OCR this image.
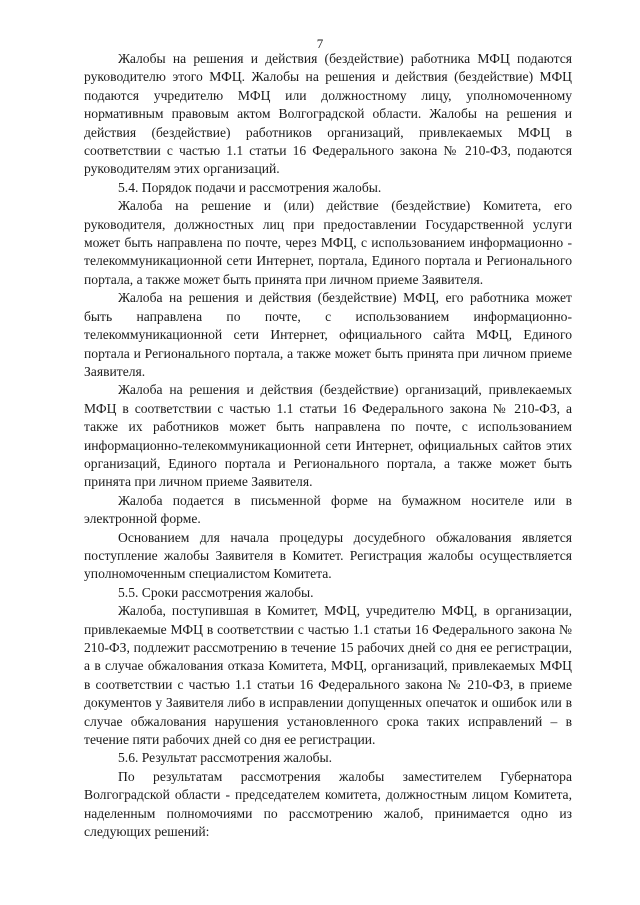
7

Жалобы на решения и действия (бездействие) работника МФЦ подаются руководителю этого МФЦ. Жалобы на решения и действия (бездействие) МФЦ подаются учредителю МФЦ или должностному лицу, уполномоченному нормативным правовым актом Волгоградской области. Жалобы на решения и действия (бездействие) работников организаций, привлекаемых МФЦ в соответствии с частью 1.1 статьи 16 Федерального закона № 210-ФЗ, подаются руководителям этих организаций.

5.4. Порядок подачи и рассмотрения жалобы.

Жалоба на решение и (или) действие (бездействие) Комитета, его руководителя, должностных лиц при предоставлении Государственной услуги может быть направлена по почте, через МФЦ, с использованием информационно - телекоммуникационной сети Интернет, портала, Единого портала и Регионального портала, а также может быть принята при личном приеме Заявителя.

Жалоба на решения и действия (бездействие) МФЦ, его работника может быть направлена по почте, с использованием информационно-телекоммуникационной сети Интернет, официального сайта МФЦ, Единого портала и Регионального портала, а также может быть принята при личном приеме Заявителя.

Жалоба на решения и действия (бездействие) организаций, привлекаемых МФЦ в соответствии с частью 1.1 статьи 16 Федерального закона № 210-ФЗ, а также их работников может быть направлена по почте, с использованием информационно-телекоммуникационной сети Интернет, официальных сайтов этих организаций, Единого портала и Регионального портала, а также может быть принята при личном приеме Заявителя.

Жалоба подается в письменной форме на бумажном носителе или в электронной форме.

Основанием для начала процедуры досудебного обжалования является поступление жалобы Заявителя в Комитет. Регистрация жалобы осуществляется уполномоченным специалистом Комитета.

5.5. Сроки рассмотрения жалобы.

Жалоба, поступившая в Комитет, МФЦ, учредителю МФЦ, в организации, привлекаемые МФЦ в соответствии с частью 1.1 статьи 16 Федерального закона № 210-ФЗ, подлежит рассмотрению в течение 15 рабочих дней со дня ее регистрации, а в случае обжалования отказа Комитета, МФЦ, организаций, привлекаемых МФЦ в соответствии с частью 1.1 статьи 16 Федерального закона № 210-ФЗ, в приеме документов у Заявителя либо в исправлении допущенных опечаток и ошибок или в случае обжалования нарушения установленного срока таких исправлений – в течение пяти рабочих дней со дня ее регистрации.

5.6. Результат рассмотрения жалобы.

По результатам рассмотрения жалобы заместителем Губернатора Волгоградской области - председателем комитета, должностным лицом Комитета, наделенным полномочиями по рассмотрению жалоб, принимается одно из следующих решений:
